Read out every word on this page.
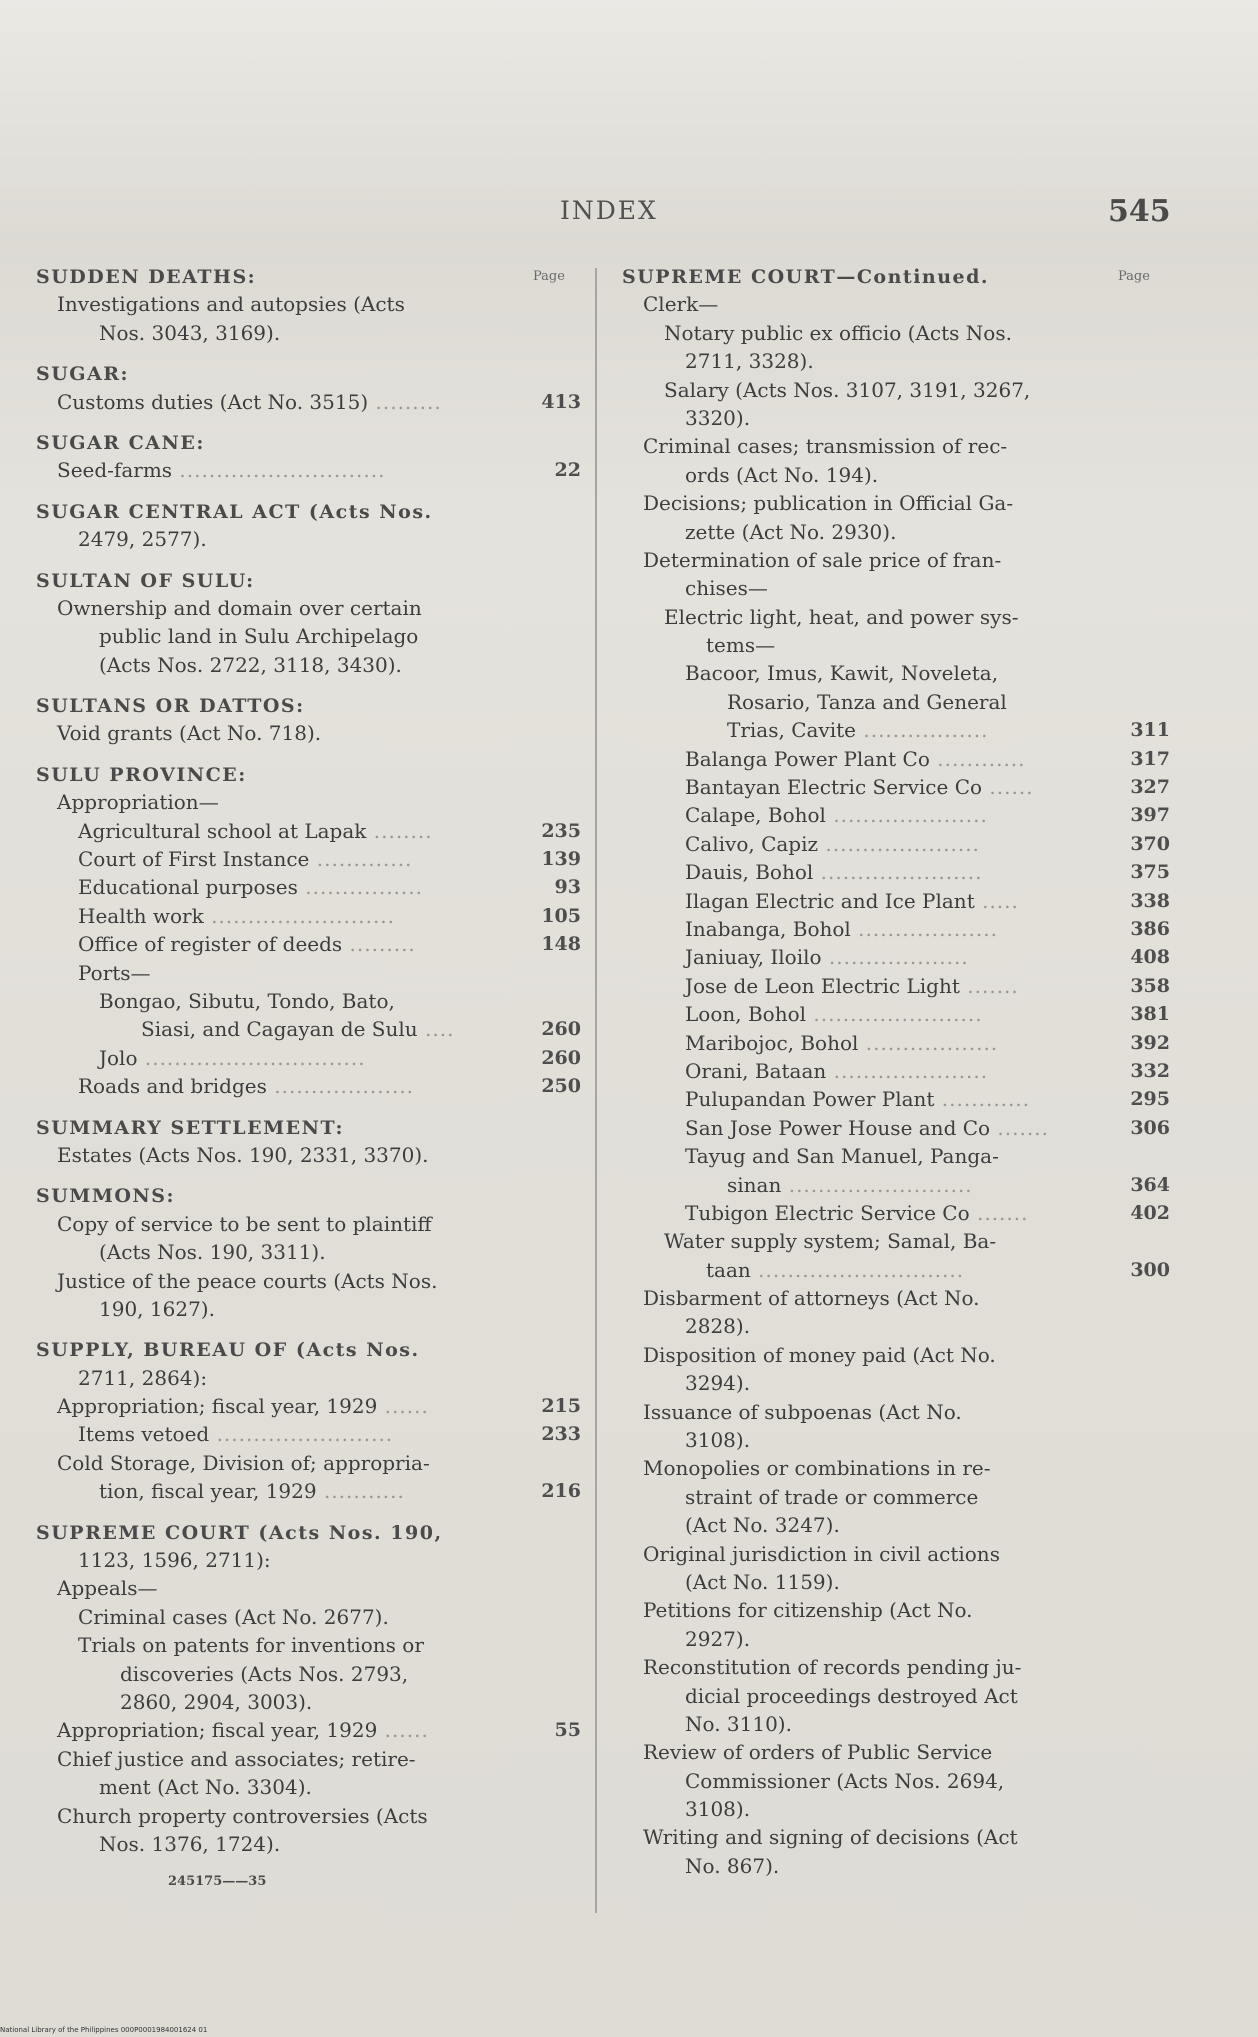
INDEX	545
Page
SUDDEN DEATHS:
Investigations and autopsies (Acts
Nos. 3043, 3169).
SUGAR:
Customs duties (Act No. 3515) .........	413
SUGAR CANE:
Seed-farms ............................	22
SUGAR CENTRAL ACT (Acts Nos.
2479, 2577).
SULTAN OF SULU:
Ownership and domain over certain
public land in Sulu Archipelago
(Acts Nos. 2722, 3118, 3430).
SULTANS OR DATTOS:
Void grants (Act No. 718).
SULU PROVINCE:
Appropriation—
Agricultural school at Lapak ........	235
Court of First Instance .............	139
Educational purposes ................	93
Health work .........................	105
Office of register of deeds .........	148
Ports—
Bongao, Sibutu, Tondo, Bato,
Siasi, and Cagayan de Sulu ....	260
Jolo ..............................	260
Roads and bridges ...................	250
SUMMARY SETTLEMENT:
Estates (Acts Nos. 190, 2331, 3370).
SUMMONS:
Copy of service to be sent to plaintiff
(Acts Nos. 190, 3311).
Justice of the peace courts (Acts Nos.
190, 1627).
SUPPLY, BUREAU OF (Acts Nos.
2711, 2864):
Appropriation; fiscal year, 1929 ......	215
Items vetoed ........................	233
Cold Storage, Division of; appropria-
tion, fiscal year, 1929 ...........	216
SUPREME COURT (Acts Nos. 190,
1123, 1596, 2711):
Appeals—
Criminal cases (Act No. 2677).
Trials on patents for inventions or
discoveries (Acts Nos. 2793,
2860, 2904, 3003).
Appropriation; fiscal year, 1929 ......	55
Chief justice and associates; retire-
ment (Act No. 3304).
Church property controversies (Acts
Nos. 1376, 1724).
245175——35
Page
SUPREME COURT—Continued.
Clerk—
Notary public ex officio (Acts Nos.
2711, 3328).
Salary (Acts Nos. 3107, 3191, 3267,
3320).
Criminal cases; transmission of rec-
ords (Act No. 194).
Decisions; publication in Official Ga-
zette (Act No. 2930).
Determination of sale price of fran-
chises—
Electric light, heat, and power sys-
tems—
Bacoor, Imus, Kawit, Noveleta,
Rosario, Tanza and General
Trias, Cavite .................	311
Balanga Power Plant Co ............	317
Bantayan Electric Service Co ......	327
Calape, Bohol .....................	397
Calivo, Capiz .....................	370
Dauis, Bohol ......................	375
Ilagan Electric and Ice Plant .....	338
Inabanga, Bohol ...................	386
Janiuay, Iloilo ...................	408
Jose de Leon Electric Light .......	358
Loon, Bohol .......................	381
Maribojoc, Bohol ..................	392
Orani, Bataan .....................	332
Pulupandan Power Plant ............	295
San Jose Power House and Co .......	306
Tayug and San Manuel, Panga-
sinan .........................	364
Tubigon Electric Service Co .......	402
Water supply system; Samal, Ba-
taan ............................	300
Disbarment of attorneys (Act No.
2828).
Disposition of money paid (Act No.
3294).
Issuance of subpoenas (Act No.
3108).
Monopolies or combinations in re-
straint of trade or commerce
(Act No. 3247).
Original jurisdiction in civil actions
(Act No. 1159).
Petitions for citizenship (Act No.
2927).
Reconstitution of records pending ju-
dicial proceedings destroyed Act
No. 3110).
Review of orders of Public Service
Commissioner (Acts Nos. 2694,
3108).
Writing and signing of decisions (Act
No. 867).
National Library of the Philippines 000P0001984001624 01
